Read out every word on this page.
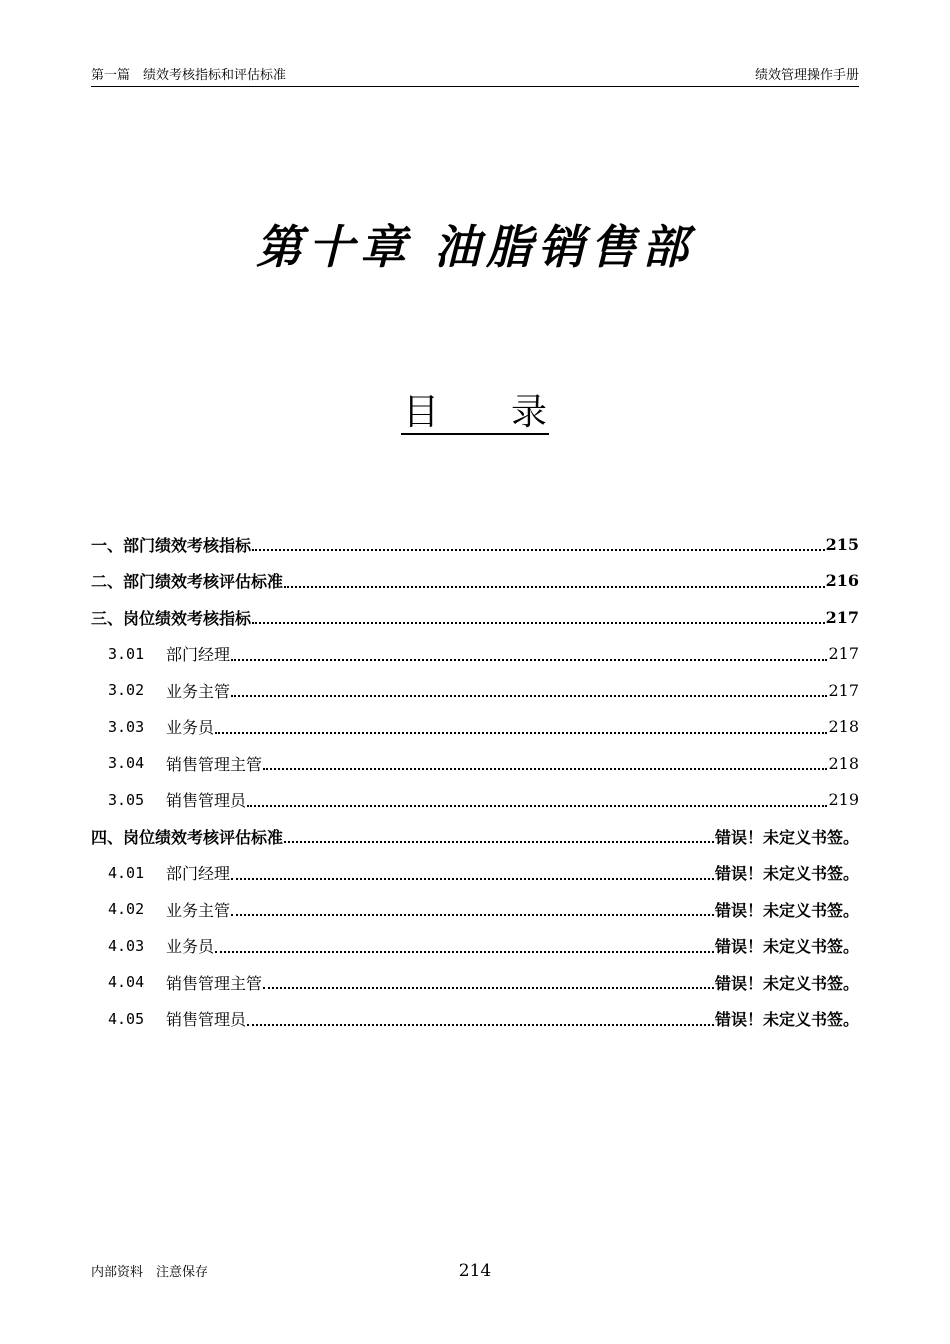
第一篇　绩效考核指标和评估标准	绩效管理操作手册
第十章 油脂销售部
目　　录
一、部门绩效考核指标	215
二、部门绩效考核评估标准	216
三、岗位绩效考核指标	217
3.01	部门经理	217
3.02	业务主管	217
3.03	业务员	218
3.04	销售管理主管	218
3.05	销售管理员	219
四、岗位绩效考核评估标准	错误！未定义书签。
4.01	部门经理	错误！未定义书签。
4.02	业务主管	错误！未定义书签。
4.03	业务员	错误！未定义书签。
4.04	销售管理主管	错误！未定义书签。
4.05	销售管理员	错误！未定义书签。
内部资料　注意保存	214
